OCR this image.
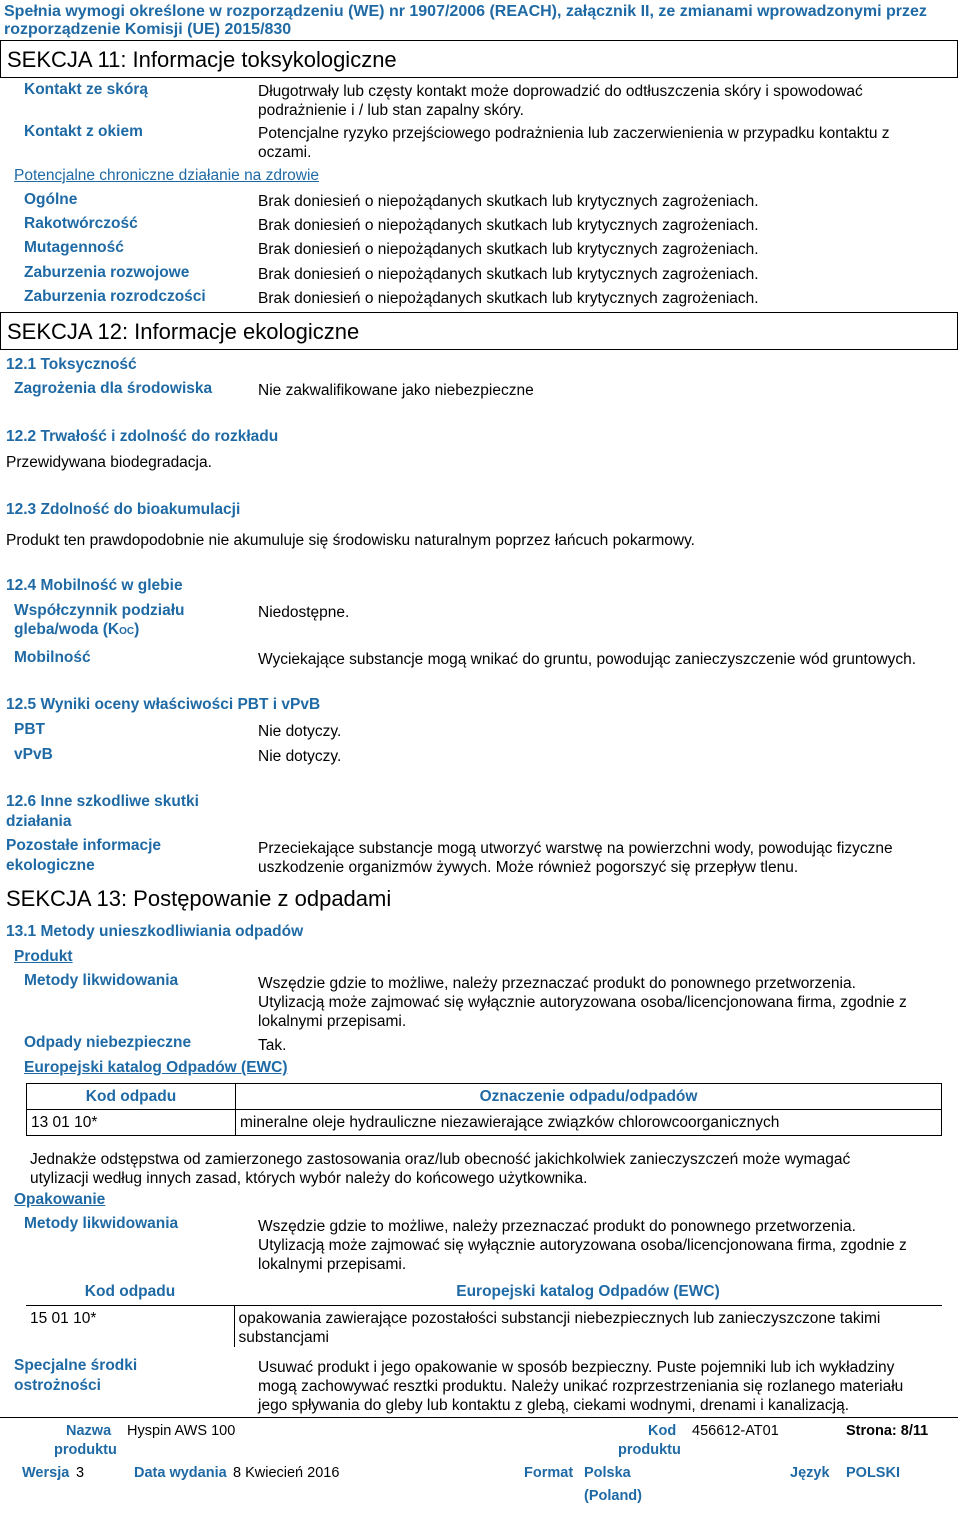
Spełnia wymogi określone w rozporządzeniu (WE) nr 1907/2006 (REACH), załącznik II, ze zmianami wprowadzonymi przez
rozporządzenie Komisji (UE) 2015/830
SEKCJA 11: Informacje toksykologiczne
Kontakt ze skórą	Długotrwały lub częsty kontakt może doprowadzić do odtłuszczenia skóry i spowodować
podrażnienie i / lub stan zapalny skóry.
Kontakt z okiem	Potencjalne ryzyko przejściowego podrażnienia lub zaczerwienienia w przypadku kontaktu z
oczami.
Potencjalne chroniczne działanie na zdrowie
Ogólne	Brak doniesień o niepożądanych skutkach lub krytycznych zagrożeniach.
Rakotwórczość	Brak doniesień o niepożądanych skutkach lub krytycznych zagrożeniach.
Mutagenność	Brak doniesień o niepożądanych skutkach lub krytycznych zagrożeniach.
Zaburzenia rozwojowe	Brak doniesień o niepożądanych skutkach lub krytycznych zagrożeniach.
Zaburzenia rozrodczości	Brak doniesień o niepożądanych skutkach lub krytycznych zagrożeniach.
SEKCJA 12: Informacje ekologiczne
12.1 Toksyczność
Zagrożenia dla środowiska	Nie zakwalifikowane jako niebezpieczne
12.2 Trwałość i zdolność do rozkładu
Przewidywana biodegradacja.
12.3 Zdolność do bioakumulacji
Produkt ten prawdopodobnie nie akumuluje się środowisku naturalnym poprzez łańcuch pokarmowy.
12.4 Mobilność w glebie
Współczynnik podziału
gleba/woda (KOC)
Niedostępne.
Mobilność	Wyciekające substancje mogą wnikać do gruntu, powodując zanieczyszczenie wód gruntowych.
12.5 Wyniki oceny właściwości PBT i vPvB
PBT	Nie dotyczy.
vPvB	Nie dotyczy.
12.6 Inne szkodliwe skutki
działania
Pozostałe informacje
ekologiczne
Przeciekające substancje mogą utworzyć warstwę na powierzchni wody, powodując fizyczne
uszkodzenie organizmów żywych. Może również pogorszyć się przepływ tlenu.
SEKCJA 13: Postępowanie z odpadami
13.1 Metody unieszkodliwiania odpadów
Produkt
Metody likwidowania	Wszędzie gdzie to możliwe, należy przeznaczać produkt do ponownego przetworzenia.
Utylizacją może zajmować się wyłącznie autoryzowana osoba/licencjonowana firma, zgodnie z
lokalnymi przepisami.
Odpady niebezpieczne	Tak.
Europejski katalog Odpadów (EWC)
Kod odpadu	Oznaczenie odpadu/odpadów
13 01 10*	mineralne oleje hydrauliczne niezawierające związków chlorowcoorganicznych
Jednakże odstępstwa od zamierzonego zastosowania oraz/lub obecność jakichkolwiek zanieczyszczeń może wymagać
utylizacji według innych zasad, których wybór należy do końcowego użytkownika.
Opakowanie
Metody likwidowania	Wszędzie gdzie to możliwe, należy przeznaczać produkt do ponownego przetworzenia.
Utylizacją może zajmować się wyłącznie autoryzowana osoba/licencjonowana firma, zgodnie z
lokalnymi przepisami.
Kod odpadu	Europejski katalog Odpadów (EWC)
15 01 10*	opakowania zawierające pozostałości substancji niebezpiecznych lub zanieczyszczone takimi substancjami
Specjalne środki
ostrożności
Usuwać produkt i jego opakowanie w sposób bezpieczny. Puste pojemniki lub ich wykładziny
mogą zachowywać resztki produktu. Należy unikać rozprzestrzeniania się rozlanego materiału
jego spływania do gleby lub kontaktu z glebą, ciekami wodnymi, drenami i kanalizacją.
Nazwa
produktu
Hyspin AWS 100	Kod
produktu
456612-AT01	Strona: 8/11
Wersja 3	Data wydania 8 Kwiecień 2016	Format Polska
(Poland)
Język POLSKI
